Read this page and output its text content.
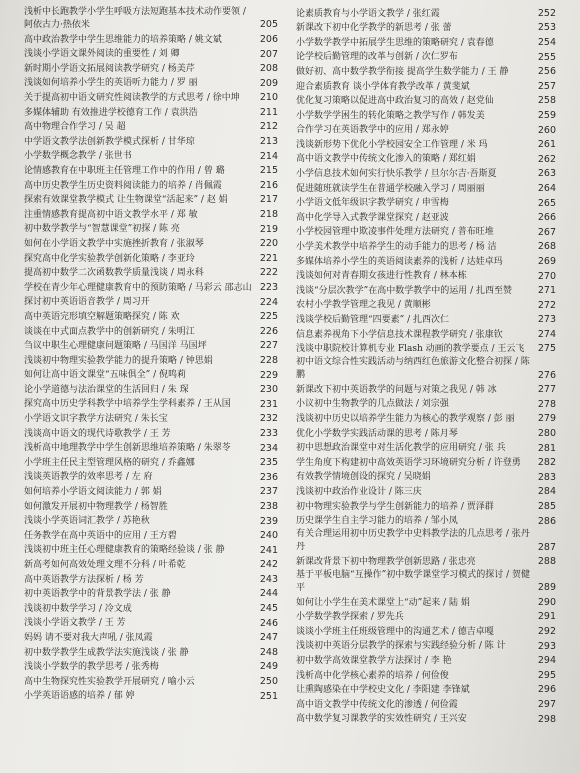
浅析中长跑教学小学生呼吸方法短跑基本技术动作要领 / 阿依古力·热依米	205
高中政治教学中学生思维能力的培养策略 / 姚文斌	206
浅谈小学语文课外阅读的重要性 / 刘 卿	207
新时期小学语文拓展阅读教学研究 / 杨美芹	208
浅谈如何培养小学生的英语听力能力 / 罗 丽	209
关于提高初中语文研究性阅读教学的方式思考 / 徐中坤	210
多媒体辅助 有效推进学校德育工作 / 袁洪浩	211
高中物理合作学习 / 吴 超	212
中学语文教学法创新教学模式探析 / 甘华琼	213
小学数学概念教学 / 张世书	214
论情感教育在中职班主任管理工作中的作用 / 曾 璐	215
高中历史教学生历史资料阅读能力的培养 / 肖佩霞	216
探索有效课堂教学模式 让生物课堂“活起来” / 赵 娟	217
注重情感教育提高初中语文教学水平 / 郑 敏	218
初中数学教学与“智慧课堂”初探 / 陈 亮	219
如何在小学语文教学中实施挫折教育 / 张淑琴	220
探究高中化学实验教学创新化策略 / 李亚玲	221
提高初中数学二次函数教学质量浅谈 / 周永科	222
学校在青少年心理健康教育中的预防策略 / 马彩云 邵志山 223
探讨初中英语语音教学 / 周习开	224
高中英语完形填空解题策略探究 / 陈 欢	225
谈谈在中式面点教学中的创新研究 / 朱明江	226
刍议中职生心理健康问题策略 / 马国洋 马国坪	227
浅谈初中物理实验教学能力的提升策略 / 钟思娟	228
如何让高中语文课堂“五味俱全” / 倪鸣莉	229
论小学道德与法治课堂的生活回归 / 朱 琛	230
探究高中历史学科教学中培养学生学科素养 / 王从国	231
小学语文识字教学方法研究 / 朱长宝	232
浅谈高中语文的现代诗歌教学 / 王 芳	233
浅析高中地理教学中学生创新思维培养策略 / 朱翠苓	234
小学班主任民主型管理风格的研究 / 乔鑫娜	235
浅谈英语教学的效率思考 / 左 府	236
如何培养小学语文阅读能力 / 郭 娟	237
如何激发开展初中物理教学 / 杨智胜	238
浅谈小学英语词汇教学 / 苏艳秋	239
任务教学在高中英语中的应用 / 王方碧	240
浅谈初中班主任心理健康教育的策略经验谈 / 张 静	241
新高考如何高效处理文理不分科 / 叶希乾	242
高中英语教学方法探析 / 杨 芳	243
初中英语教学中的背景教学法 / 张 静	244
浅谈初中数学学习 / 冷文成	245
浅谈小学语文教学 / 王 芳	246
妈妈 请不要对我大声吼 / 张凤霞	247
初中数学教学生成教学法实施浅谈 / 张 静	248
浅谈小学数学的教学思考 / 张秀梅	249
高中生物探究性实验教学开展研究 / 喻小云	250
小学英语语感的培养 / 郁 婷	251
论素质教育与小学语文教学 / 张红霞	252
新课改下初中化学教学的新思考 / 张 蕾	253
小学数学教学中拓展学生思维的策略研究 / 袁春德	254
论学校后勤管理的改革与创新 / 次仁罗布	255
做好初、高中数学教学衔接 提高学生数学能力 / 王 静	256
迎合素质教育 谈小学体育教学改革 / 黄斐斌	257
优化复习策略以促进高中政治复习的高效 / 赵党仙	258
小学数学学困生的转化策略之教学写作 / 韩发美	259
合作学习在英语教学中的应用 / 郑永婷	260
浅谈新形势下优化小学校园安全工作管理 / 米 玛	261
高中语文教学中传统文化渗入的策略 / 郑红娟	262
小学信息技术如何实行快乐教学 / 旦尔尔吉·吾斯夏	263
促进随班就读学生在普通学校融入学习 / 周丽丽	264
小学语文低年级识字教学研究 / 申雪梅	265
高中化学导入式教学课堂探究 / 赵亚波	266
小学校园管理中欺凌事件处理方法研究 / 普布旺堆	267
小学美术教学中培养学生的动手能力的思考 / 杨 洁	268
多媒体培养小学生的英语阅读素养的浅析 / 达娃卓玛	269
浅谈如何对青春期女孩进行性教育 / 林本栋	270
浅谈“分层次教学”在高中数学教学中的运用 / 扎西至赞	271
农村小学教学管理之我见 / 黄顺彬	272
浅谈学校后勤管理“四要素” / 扎西次仁	273
信息素养视角下小学信息技术课程教学研究 / 张康钦	274
浅谈中职院校计算机专业 Flash 动画的教学要点 / 王云飞	275
初中语文综合性实践活动与纳西红色旅游文化整合初探 / 陈 鹏	276
新课改下初中英语教学的问题与对策之我见 / 韩 冰	277
小议初中生物教学的几点做法 / 刘宗强	278
浅谈初中历史以培养学生能力为核心的教学观察 / 彭 丽	279
优化小学数学实践活动课的思考 / 陈月琴	280
初中思想政治课堂中对生活化教学的应用研究 / 张 兵	281
学生角度下构建初中高效英语学习环境研究分析 / 许登勇	282
有效教学情境创设的探究 / 吴晓娟	283
浅谈初中政治作业设计 / 陈三庆	284
初中物理实验教学与学生创新能力的培养 / 贾泽群	285
历史课学生自主学习能力的培养 / 邹小凤	286
有关合理运用初中历史教学中史料教学法的几点思考 / 张丹丹	287
新课改背景下初中物理教学创新思路 / 张忠亮	288
基于平板电脑“互操作”初中数学课堂学习模式的探讨 / 贺健平	289
如何让小学生在美术课堂上“动”起来 / 陆 娟	290
小学数学教学探索 / 罗先兵	291
谈谈小学班主任班级管理中的沟通艺术 / 德吉卓嘎	292
浅谈初中英语分层教学的探索与实践经验分析 / 陈 计	293
初中数学高效课堂教学方法探讨 / 李 艳	294
浅析高中化学核心素养的培养 / 何俭俊	295
让熏陶感染在中学校史文化 / 李阳建 李锋斌	296
高中语文教学中传统文化的渗透 / 何俭霞	297
高中数学复习课教学的实效性研究 / 王兴安	298
